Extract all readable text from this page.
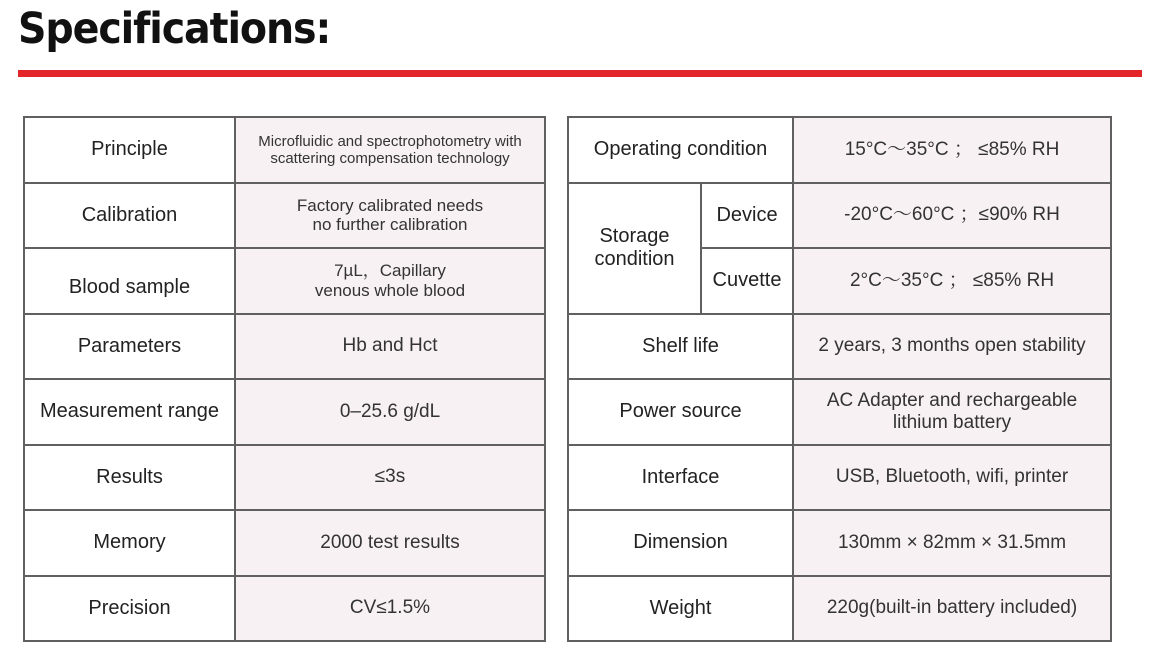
Specifications:
Principle	Microfluidic and spectrophotometry with
scattering compensation technology

Calibration	Factory calibrated needs
no further calibration

Blood sample	7µL，Capillary
venous whole blood

Parameters	Hb and Hct
Measurement range	0–25.6 g/dL
Results	≤3s
Memory	2000 test results
Precision	CV≤1.5%
Operating condition		15°C～35°C ； ≤85% RH

Storage
condition	Device	-20°C～60°C ；≤90% RH
	Cuvette	2°C～35°C ； ≤85% RH
Shelf life		2 years, 3 months open stability
Power source		AC Adapter and rechargeable
lithium battery

Interface		USB, Bluetooth, wifi, printer
Dimension		130mm × 82mm × 31.5mm
Weight		220g(built-in battery included)
